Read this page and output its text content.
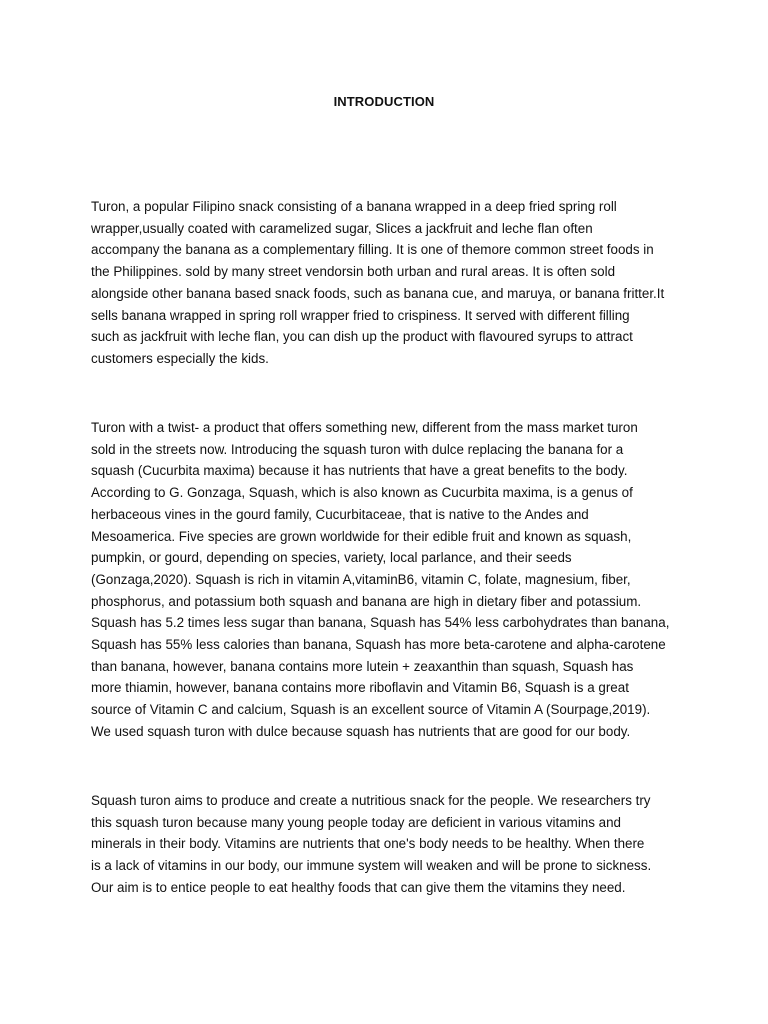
INTRODUCTION

Turon, a popular Filipino snack consisting of a banana wrapped in a deep fried spring roll
wrapper,usually coated with caramelized sugar, Slices a jackfruit and leche flan often
accompany the banana as a complementary filling. It is one of themore common street foods in
the Philippines. sold by many street vendorsin both urban and rural areas. It is often sold
alongside other banana based snack foods, such as banana cue, and maruya, or banana fritter.It
sells banana wrapped in spring roll wrapper fried to crispiness. It served with different filling
such as jackfruit with leche flan, you can dish up the product with flavoured syrups to attract
customers especially the kids.

Turon with a twist- a product that offers something new, different from the mass market turon
sold in the streets now. Introducing the squash turon with dulce replacing the banana for a
squash (Cucurbita maxima) because it has nutrients that have a great benefits to the body.
According to G. Gonzaga, Squash, which is also known as Cucurbita maxima, is a genus of
herbaceous vines in the gourd family, Cucurbitaceae, that is native to the Andes and
Mesoamerica. Five species are grown worldwide for their edible fruit and known as squash,
pumpkin, or gourd, depending on species, variety, local parlance, and their seeds
(Gonzaga,2020). Squash is rich in vitamin A,vitaminB6, vitamin C, folate, magnesium, fiber,
phosphorus, and potassium both squash and banana are high in dietary fiber and potassium.
Squash has 5.2 times less sugar than banana, Squash has 54% less carbohydrates than banana,
Squash has 55% less calories than banana, Squash has more beta-carotene and alpha-carotene
than banana, however, banana contains more lutein + zeaxanthin than squash, Squash has
more thiamin, however, banana contains more riboflavin and Vitamin B6, Squash is a great
source of Vitamin C and calcium, Squash is an excellent source of Vitamin A (Sourpage,2019).
We used squash turon with dulce because squash has nutrients that are good for our body.

Squash turon aims to produce and create a nutritious snack for the people. We researchers try
this squash turon because many young people today are deficient in various vitamins and
minerals in their body. Vitamins are nutrients that one's body needs to be healthy. When there
is a lack of vitamins in our body, our immune system will weaken and will be prone to sickness.
Our aim is to entice people to eat healthy foods that can give them the vitamins they need.
